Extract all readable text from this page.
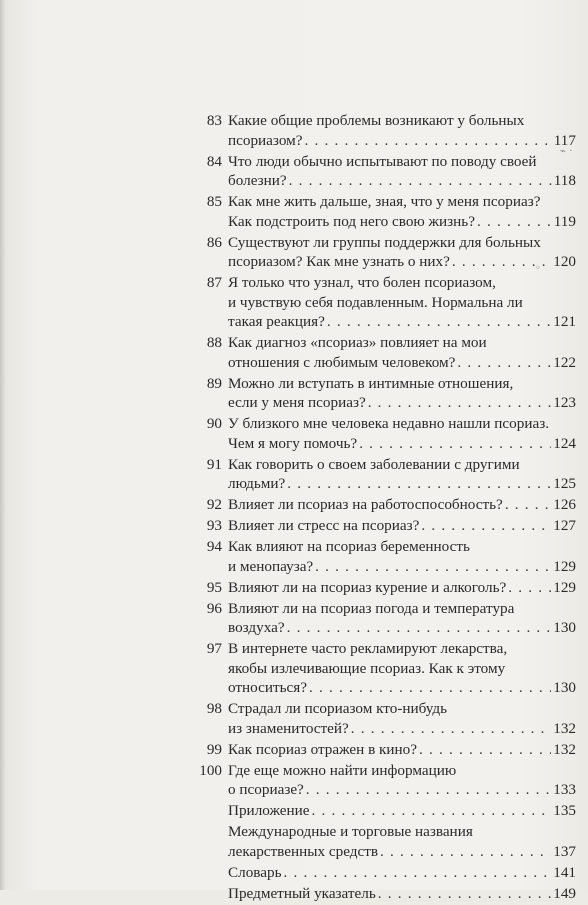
83 Какие общие проблемы возникают у больных
псориазом? . . .	117
84 Что люди обычно испытывают по поводу своей
болезни? . . .	118
85 Как мне жить дальше, зная, что у меня псориаз?
Как подстроить под него свою жизнь? . . .	119
86 Существуют ли группы поддержки для больных
псориазом? Как мне узнать о них? . . .	120
87 Я только что узнал, что болен псориазом,
и чувствую себя подавленным. Нормальна ли
такая реакция? . . .	121
88 Как диагноз «псориаз» повлияет на мои
отношения с любимым человеком? . . .	122
89 Можно ли вступать в интимные отношения,
если у меня псориаз? . . .	123
90 У близкого мне человека недавно нашли псориаз.
Чем я могу помочь? . . .	124
91 Как говорить о своем заболевании с другими
людьми? . . .	125
92 Влияет ли псориаз на работоспособность? . . .	126
93 Влияет ли стресс на псориаз? . . .	127
94 Как влияют на псориаз беременность
и менопауза? . . .	129
95 Влияют ли на псориаз курение и алкоголь? . . .	129
96 Влияют ли на псориаз погода и температура
воздуха? . . .	130
97 В интернете часто рекламируют лекарства,
якобы излечивающие псориаз. Как к этому
относиться? . . .	130
98 Страдал ли псориазом кто-нибудь
из знаменитостей? . . .	132
99 Как псориаз отражен в кино? . . .	132
100 Где еще можно найти информацию
о псориазе? . . .	133
Приложение . . .	135
Международные и торговые названия
лекарственных средств . . .	137
Словарь . . .	141
Предметный указатель . . .	149
⌁ ·
◦
